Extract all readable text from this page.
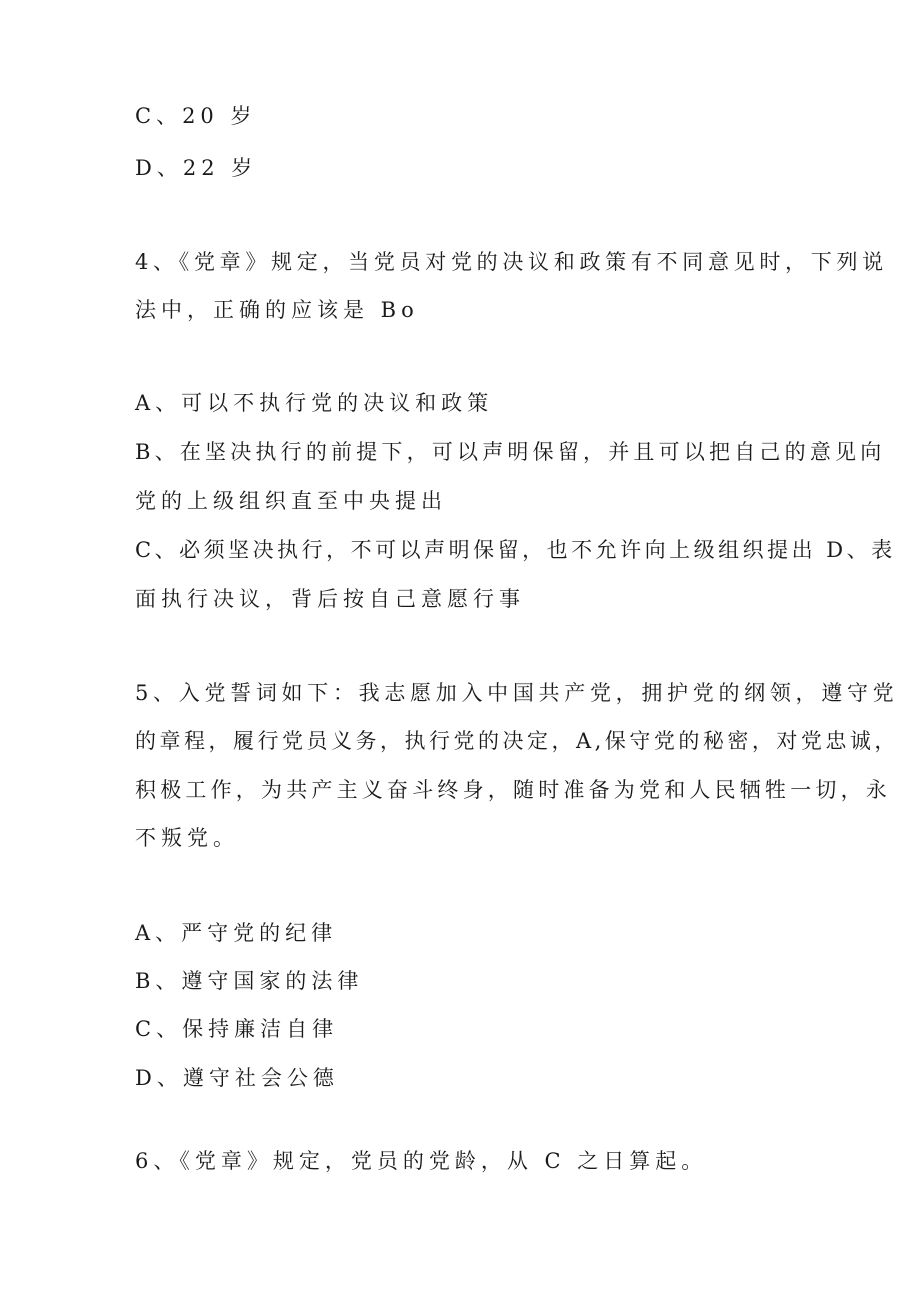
C、20 岁
D、22 岁
4、《党章》规定，当党员对党的决议和政策有不同意见时，下列说
法中，正确的应该是 Bo
A、可以不执行党的决议和政策
B、在坚决执行的前提下，可以声明保留，并且可以把自己的意见向
党的上级组织直至中央提出
C、必须坚决执行，不可以声明保留，也不允许向上级组织提出 D、表
面执行决议，背后按自己意愿行事
5、入党誓词如下：我志愿加入中国共产党，拥护党的纲领，遵守党
的章程，履行党员义务，执行党的决定，A,保守党的秘密，对党忠诚，
积极工作，为共产主义奋斗终身，随时准备为党和人民牺牲一切，永
不叛党。
A、严守党的纪律
B、遵守国家的法律
C、保持廉洁自律
D、遵守社会公德
6、《党章》规定，党员的党龄，从 C 之日算起。
